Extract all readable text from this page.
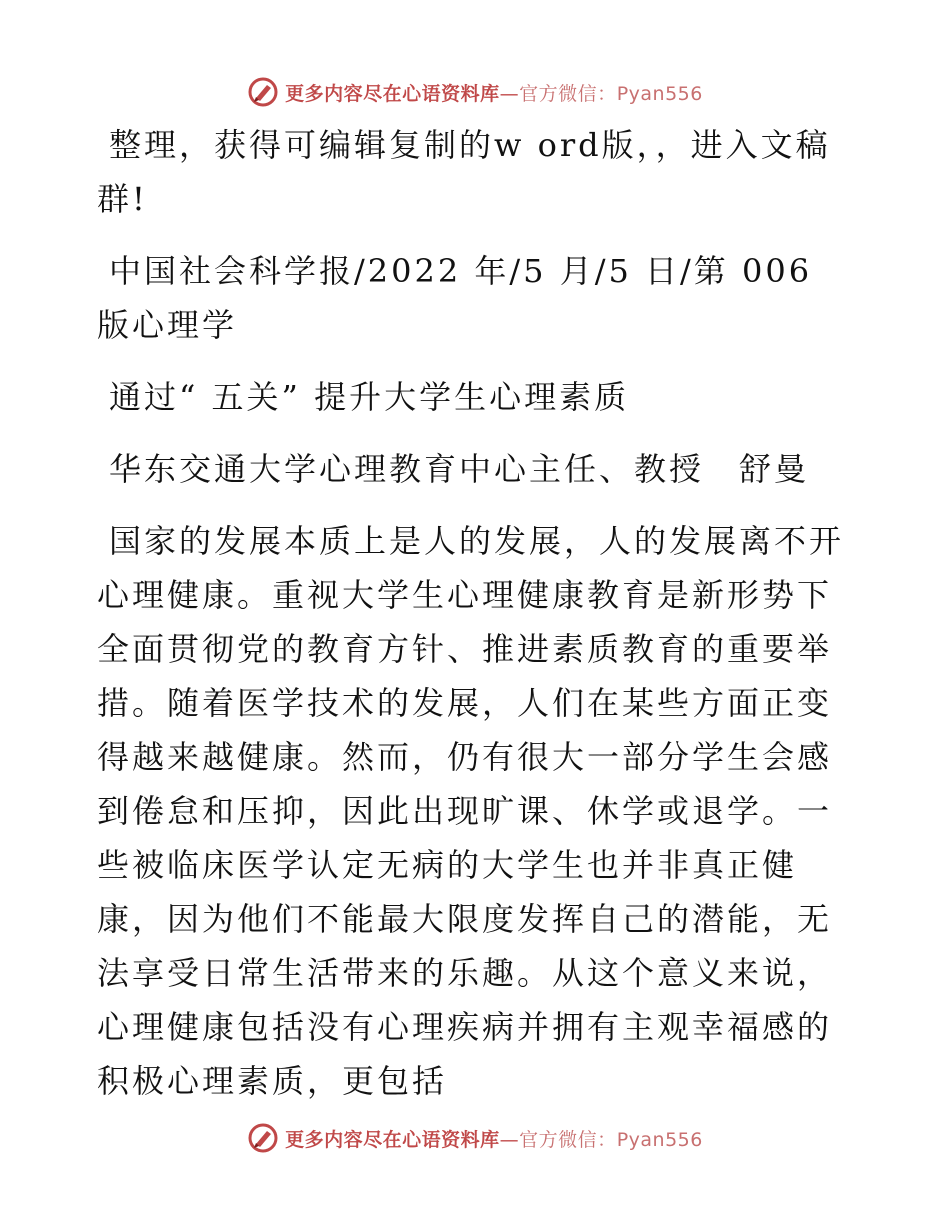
更多内容尽在心语资料库—官方微信：Pyan556

整理，获得可编辑复制的w ord版，，进入文稿群!

中国社会科学报/2022 年/5 月/5 日/第 006 版心理学

通过“ 五关” 提升大学生心理素质

华东交通大学心理教育中心主任、教授　舒曼

国家的发展本质上是人的发展，人的发展离不开心理健康。重视大学生心理健康教育是新形势下全面贯彻党的教育方针、推进素质教育的重要举措。随着医学技术的发展，人们在某些方面正变得越来越健康。然而，仍有很大一部分学生会感到倦怠和压抑，因此出现旷课、休学或退学。一些被临床医学认定无病的大学生也并非真正健康，因为他们不能最大限度发挥自己的潜能，无法享受日常生活带来的乐趣。从这个意义来说，心理健康包括没有心理疾病并拥有主观幸福感的积极心理素质，更包括

更多内容尽在心语资料库—官方微信：Pyan556
